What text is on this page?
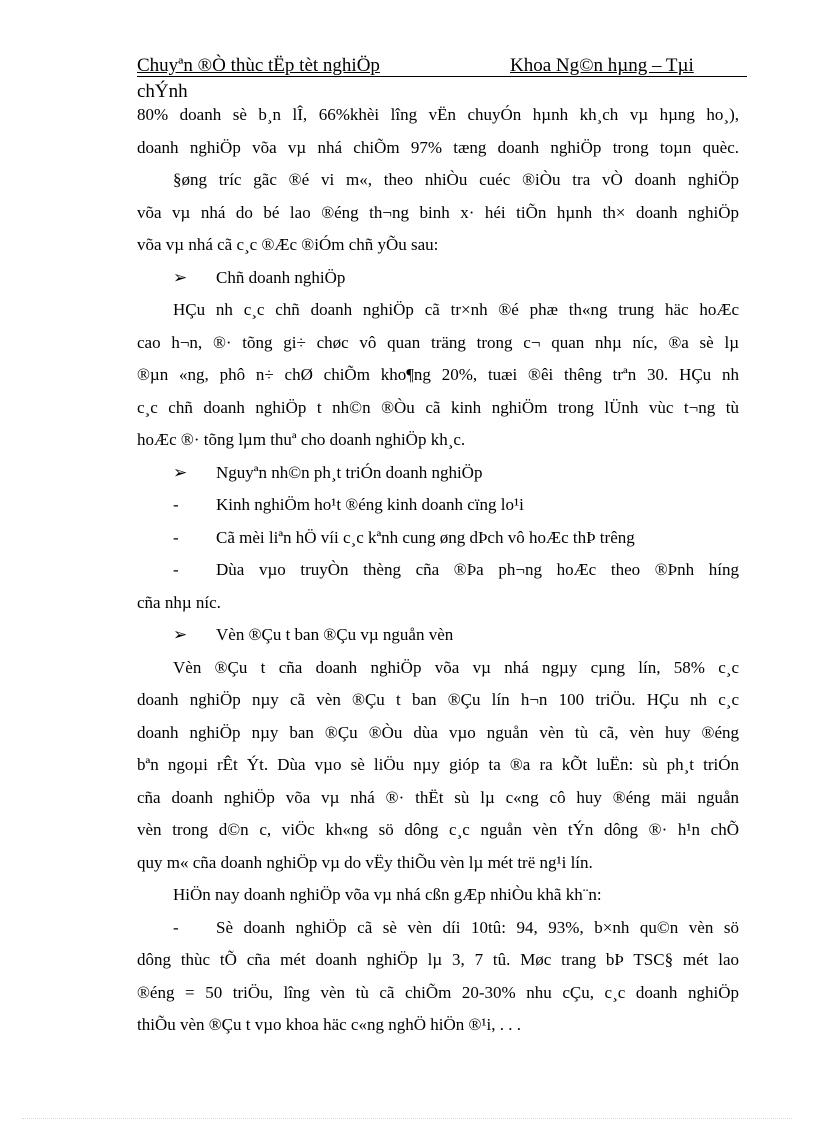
Chuyªn ®Ò thùc tËp tèt nghiÖp	Khoa Ng©n hµng – Tµi
chÝnh
80% doanh sè b¸n lÎ, 66%khèi lîng vËn chuyÓn hµnh kh¸ch vµ hµng ho¸),
doanh nghiÖp võa vµ nhá chiÕm 97% tæng doanh nghiÖp trong toµn quèc.
§øng tríc gãc ®é vi m«, theo nhiÒu cuéc ®iÒu tra vÒ doanh nghiÖp
võa vµ nhá do bé lao ®éng th¬ng binh x· héi tiÕn hµnh th× doanh nghiÖp
võa vµ nhá cã c¸c ®Æc ®iÓm chñ yÕu sau:
➢ Chñ doanh nghiÖp
HÇu nh c¸c chñ doanh nghiÖp cã tr×nh ®é phæ th«ng trung häc hoÆc
cao h¬n, ®· tõng gi÷ chøc vô quan träng trong c¬ quan nhµ níc, ®a sè lµ
®µn «ng, phô n÷ chØ chiÕm kho¶ng 20%, tuæi ®êi thêng trªn 30. HÇu nh
c¸c chñ doanh nghiÖp t nh©n ®Òu cã kinh nghiÖm trong lÜnh vùc t¬ng tù
hoÆc ®· tõng lµm thuª cho doanh nghiÖp kh¸c.
➢ Nguyªn nh©n ph¸t triÓn doanh nghiÖp
- Kinh nghiÖm ho¹t ®éng kinh doanh cïng lo¹i
- Cã mèi liªn hÖ víi c¸c kªnh cung øng dÞch vô hoÆc thÞ trêng
- Dùa vµo truyÒn thèng cña ®Þa ph¬ng hoÆc theo ®Þnh híng
cña nhµ níc.
➢ Vèn ®Çu t ban ®Çu vµ nguån vèn
Vèn ®Çu t cña doanh nghiÖp võa vµ nhá ngµy cµng lín, 58% c¸c
doanh nghiÖp nµy cã vèn ®Çu t ban ®Çu lín h¬n 100 triÖu. HÇu nh c¸c
doanh nghiÖp nµy ban ®Çu ®Òu dùa vµo nguån vèn tù cã, vèn huy ®éng
bªn ngoµi rÊt Ýt. Dùa vµo sè liÖu nµy gióp ta ®a ra kÕt luËn: sù ph¸t triÓn
cña doanh nghiÖp võa vµ nhá ®· thËt sù lµ c«ng cô huy ®éng mäi nguån
vèn trong d©n c, viÖc kh«ng sö dông c¸c nguån vèn tÝn dông ®· h¹n chÕ
quy m« cña doanh nghiÖp vµ do vËy thiÕu vèn lµ mét trë ng¹i lín.
HiÖn nay doanh nghiÖp võa vµ nhá cßn gÆp nhiÒu khã kh¨n:
- Sè doanh nghiÖp cã sè vèn díi 10tû: 94, 93%, b×nh qu©n vèn sö
dông thùc tÕ cña mét doanh nghiÖp lµ 3, 7 tû. Møc trang bÞ TSC§ mét lao
®éng = 50 triÖu, lîng vèn tù cã chiÕm 20-30% nhu cÇu, c¸c doanh nghiÖp
thiÕu vèn ®Çu t vµo khoa häc c«ng nghÖ hiÖn ®¹i, . . .
